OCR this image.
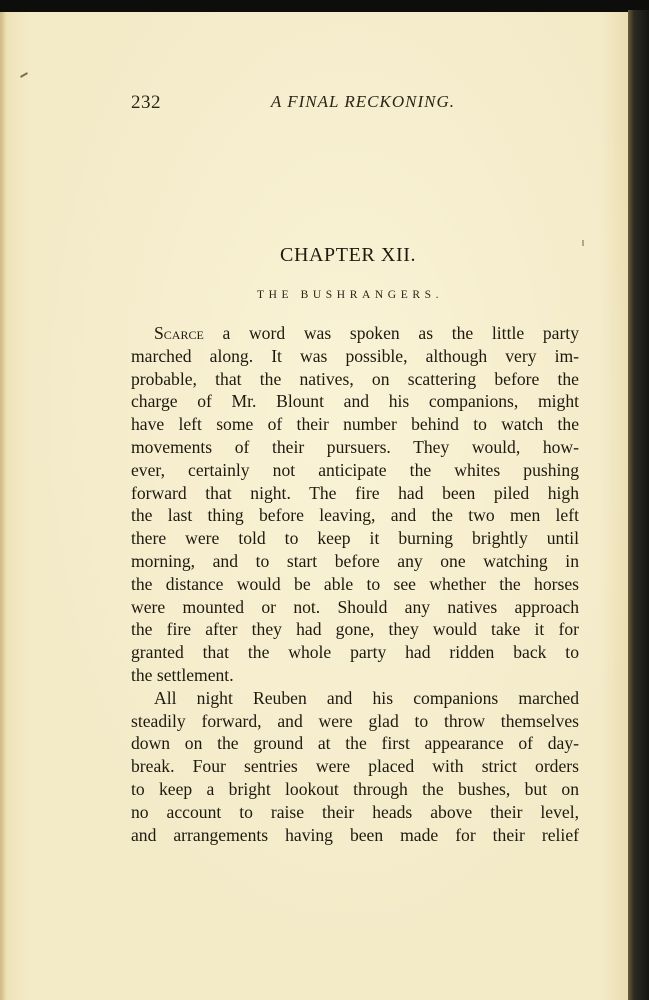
232	A FINAL RECKONING.
CHAPTER XII.
THE BUSHRANGERS.
Scarce a word was spoken as the little party
marched along. It was possible, although very im-
probable, that the natives, on scattering before the
charge of Mr. Blount and his companions, might
have left some of their number behind to watch the
movements of their pursuers. They would, how-
ever, certainly not anticipate the whites pushing
forward that night. The fire had been piled high
the last thing before leaving, and the two men left
there were told to keep it burning brightly until
morning, and to start before any one watching in
the distance would be able to see whether the horses
were mounted or not. Should any natives approach
the fire after they had gone, they would take it for
granted that the whole party had ridden back to
the settlement.
All night Reuben and his companions marched
steadily forward, and were glad to throw themselves
down on the ground at the first appearance of day-
break. Four sentries were placed with strict orders
to keep a bright lookout through the bushes, but on
no account to raise their heads above their level,
and arrangements having been made for their relief
